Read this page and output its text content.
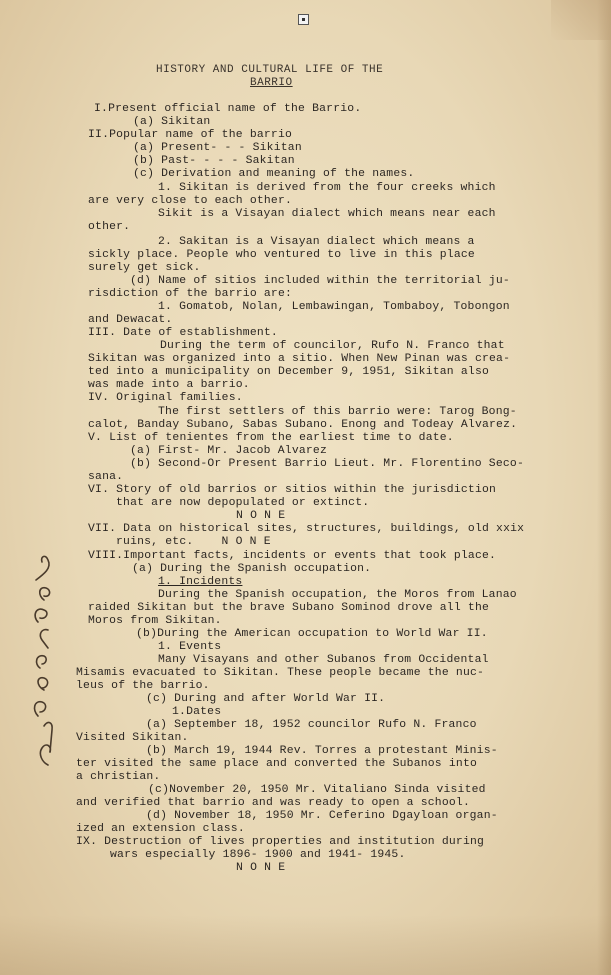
HISTORY AND CULTURAL LIFE OF THE
BARRIO
I.Present official name of the Barrio.
(a) Sikitan
II.Popular name of the barrio
(a) Present- - - Sikitan
(b) Past- - - - Sakitan
(c) Derivation and meaning of the names.
1. Sikitan is derived from the four creeks which
are very close to each other.
Sikit is a Visayan dialect which means near each
other.
2. Sakitan is a Visayan dialect which means a
sickly place. People who ventured to live in this place
surely get sick.
(d) Name of sitios included within the territorial ju-
risdiction of the barrio are:
1. Gomatob, Nolan, Lembawingan, Tombaboy, Tobongon
and Dewacat.
III. Date of establishment.
During the term of councilor, Rufo N. Franco that
Sikitan was organized into a sitio. When New Pinan was crea-
ted into a municipality on December 9, 1951, Sikitan also
was made into a barrio.
IV. Original families.
The first settlers of this barrio were: Tarog Bong-
calot, Banday Subano, Sabas Subano. Enong and Todeay Alvarez.
V. List of tenientes from the earliest time to date.
(a) First- Mr. Jacob Alvarez
(b) Second-Or Present Barrio Lieut. Mr. Florentino Seco-
sana.
VI. Story of old barrios or sitios within the jurisdiction
that are now depopulated or extinct.
N O N E
VII. Data on historical sites, structures, buildings, old xxix
ruins, etc.    N O N E
VIII.Important facts, incidents or events that took place.
(a) During the Spanish occupation.
1. Incidents
During the Spanish occupation, the Moros from Lanao
raided Sikitan but the brave Subano Sominod drove all the
Moros from Sikitan.
(b)During the American occupation to World War II.
1. Events
Many Visayans and other Subanos from Occidental
Misamis evacuated to Sikitan. These people became the nuc-
leus of the barrio.
(c) During and after World War II.
1.Dates
(a) September 18, 1952 councilor Rufo N. Franco
Visited Sikitan.
(b) March 19, 1944 Rev. Torres a protestant Minis-
ter visited the same place and converted the Subanos into
a christian.
(c)November 20, 1950 Mr. Vitaliano Sinda visited
and verified that barrio and was ready to open a school.
(d) November 18, 1950 Mr. Ceferino Dgayloan organ-
ized an extension class.
IX. Destruction of lives properties and institution during
wars especially 1896- 1900 and 1941- 1945.
N O N E
